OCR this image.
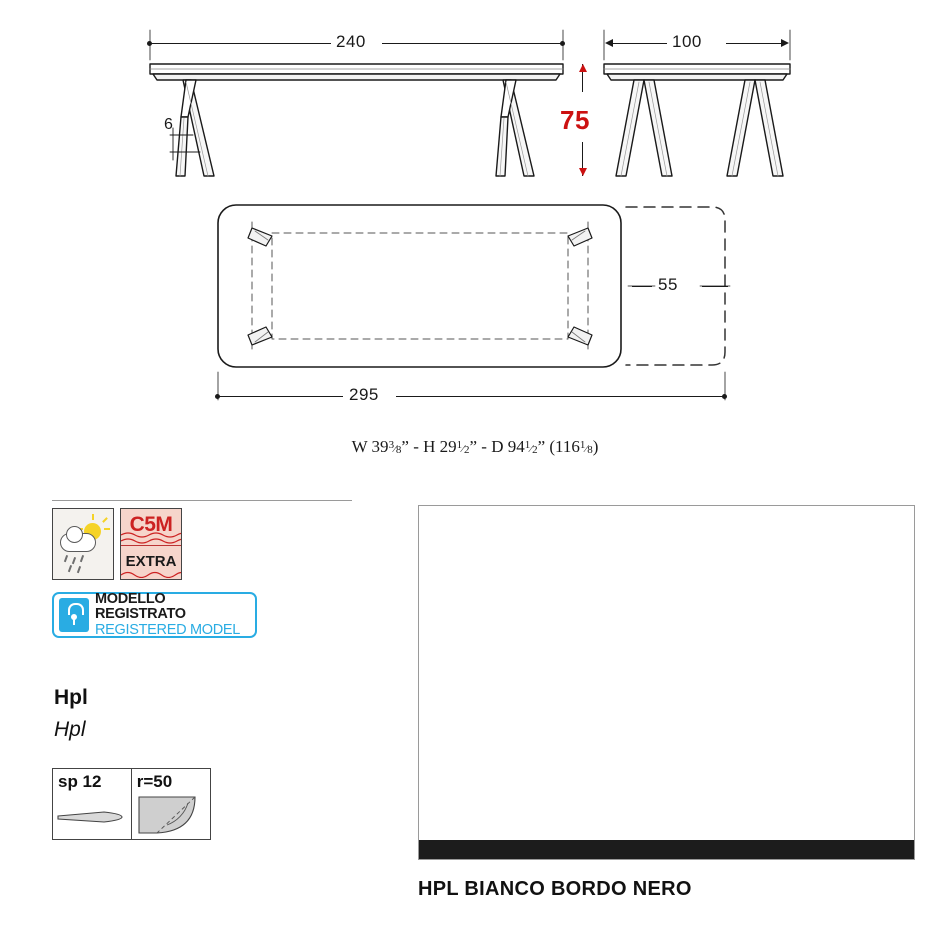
240	100
75
6
55
295
W $39^3⁄_8$” - H $29^1⁄_2$” - D $94^1⁄_2$” $(116^1⁄_8)$
C5M
EXTRA
MODELLO REGISTRATO
REGISTERED MODEL
Hpl
Hpl
sp 12 r=50
HPL BIANCO BORDO NERO
